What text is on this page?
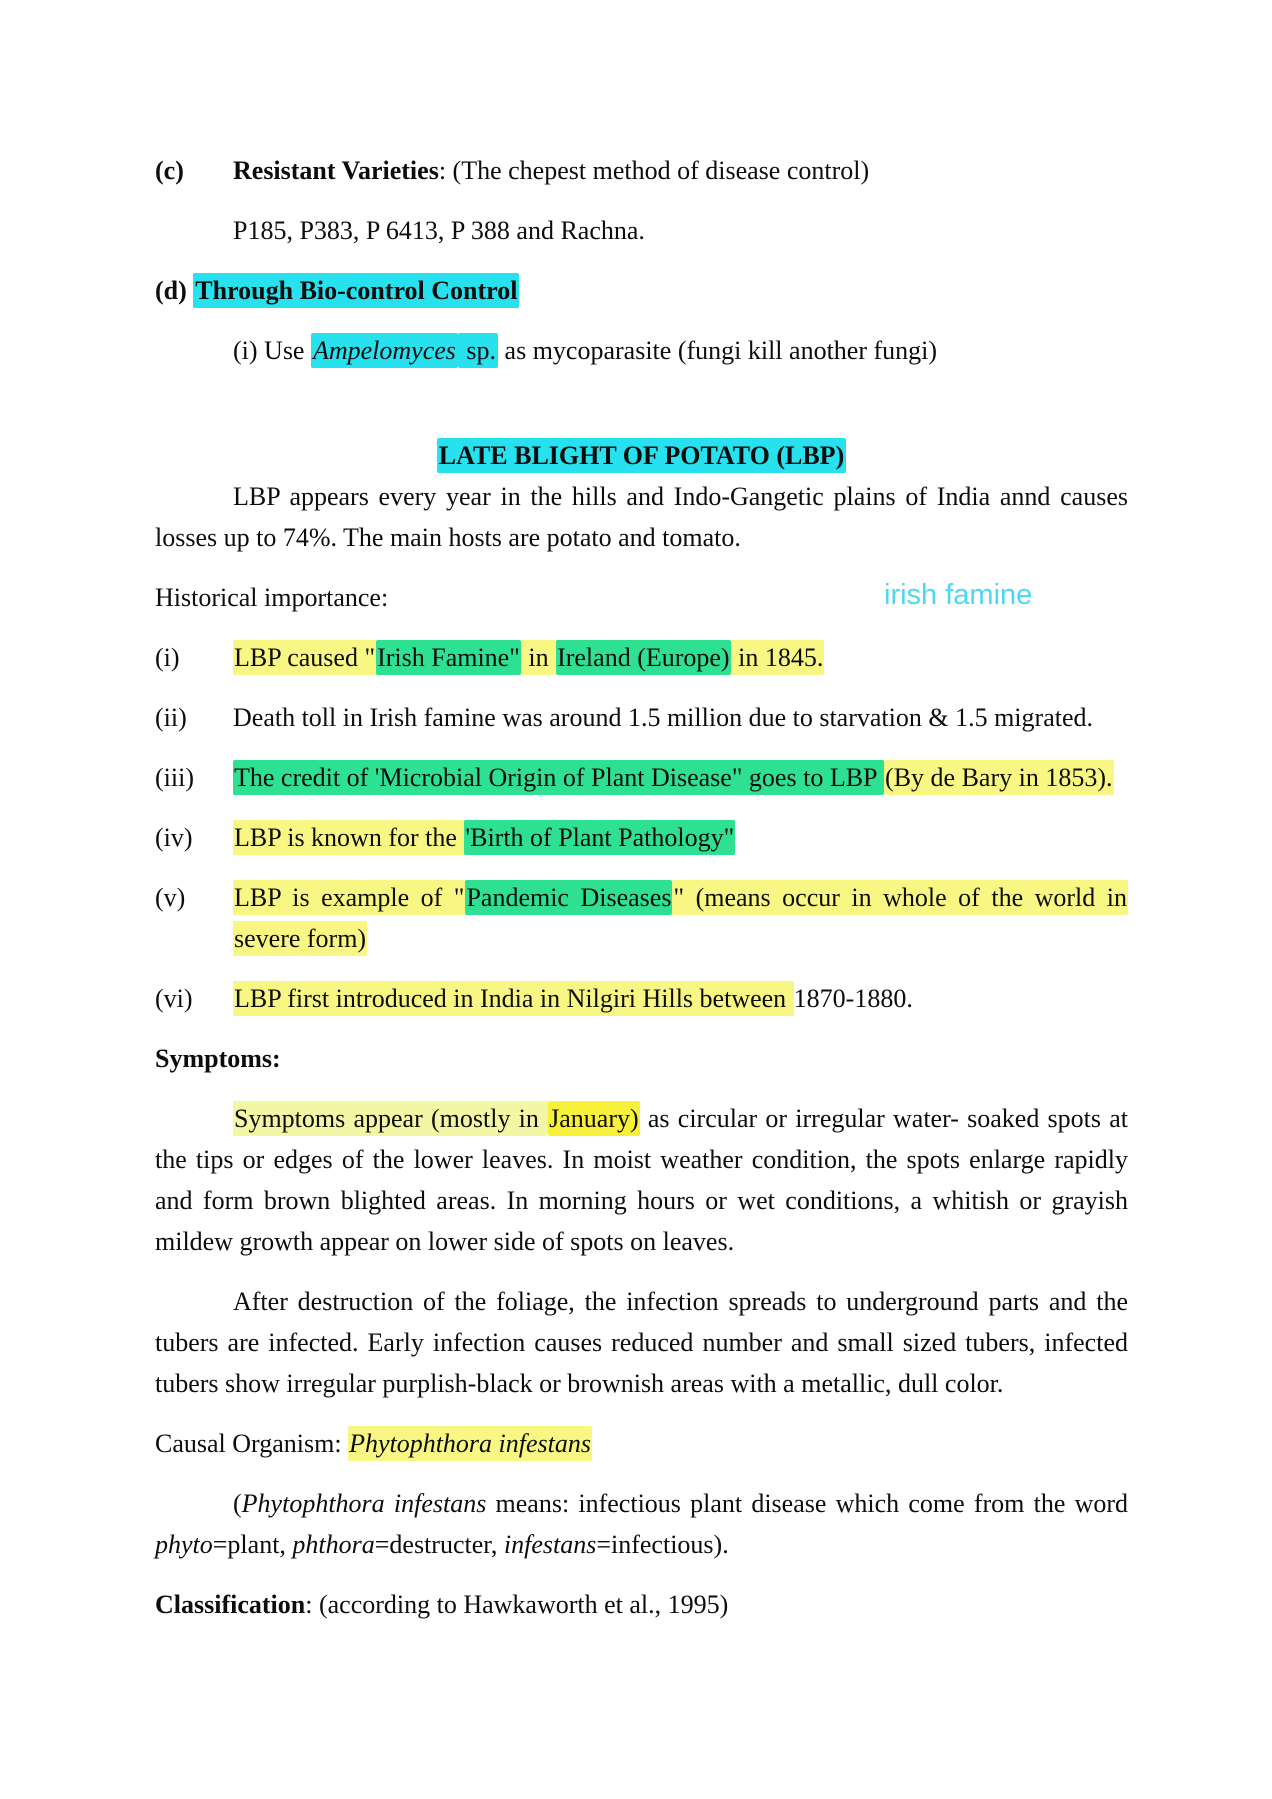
(c) Resistant Varieties: (The chepest method of disease control)
P185, P383, P 6413, P 388 and Rachna.
(d) Through Bio-control Control
(i) Use Ampelomyces sp. as mycoparasite (fungi kill another fungi)
LATE BLIGHT OF POTATO (LBP)
LBP appears every year in the hills and Indo-Gangetic plains of India annd causes losses up to 74%. The main hosts are potato and tomato.
Historical importance:	irish famine
(i) LBP caused "Irish Famine" in Ireland (Europe) in 1845.
(ii) Death toll in Irish famine was around 1.5 million due to starvation & 1.5 migrated.
(iii) The credit of 'Microbial Origin of Plant Disease" goes to LBP (By de Bary in 1853).
(iv) LBP is known for the 'Birth of Plant Pathology"
(v) LBP is example of "Pandemic Diseases" (means occur in whole of the world in severe form)
(vi) LBP first introduced in India in Nilgiri Hills between 1870-1880.
Symptoms:
Symptoms appear (mostly in January) as circular or irregular water- soaked spots at the tips or edges of the lower leaves. In moist weather condition, the spots enlarge rapidly and form brown blighted areas. In morning hours or wet conditions, a whitish or grayish mildew growth appear on lower side of spots on leaves.
After destruction of the foliage, the infection spreads to underground parts and the tubers are infected. Early infection causes reduced number and small sized tubers, infected tubers show irregular purplish-black or brownish areas with a metallic, dull color.
Causal Organism: Phytophthora infestans
(Phytophthora infestans means: infectious plant disease which come from the word phyto=plant, phthora=destructer, infestans=infectious).
Classification: (according to Hawkaworth et al., 1995)
